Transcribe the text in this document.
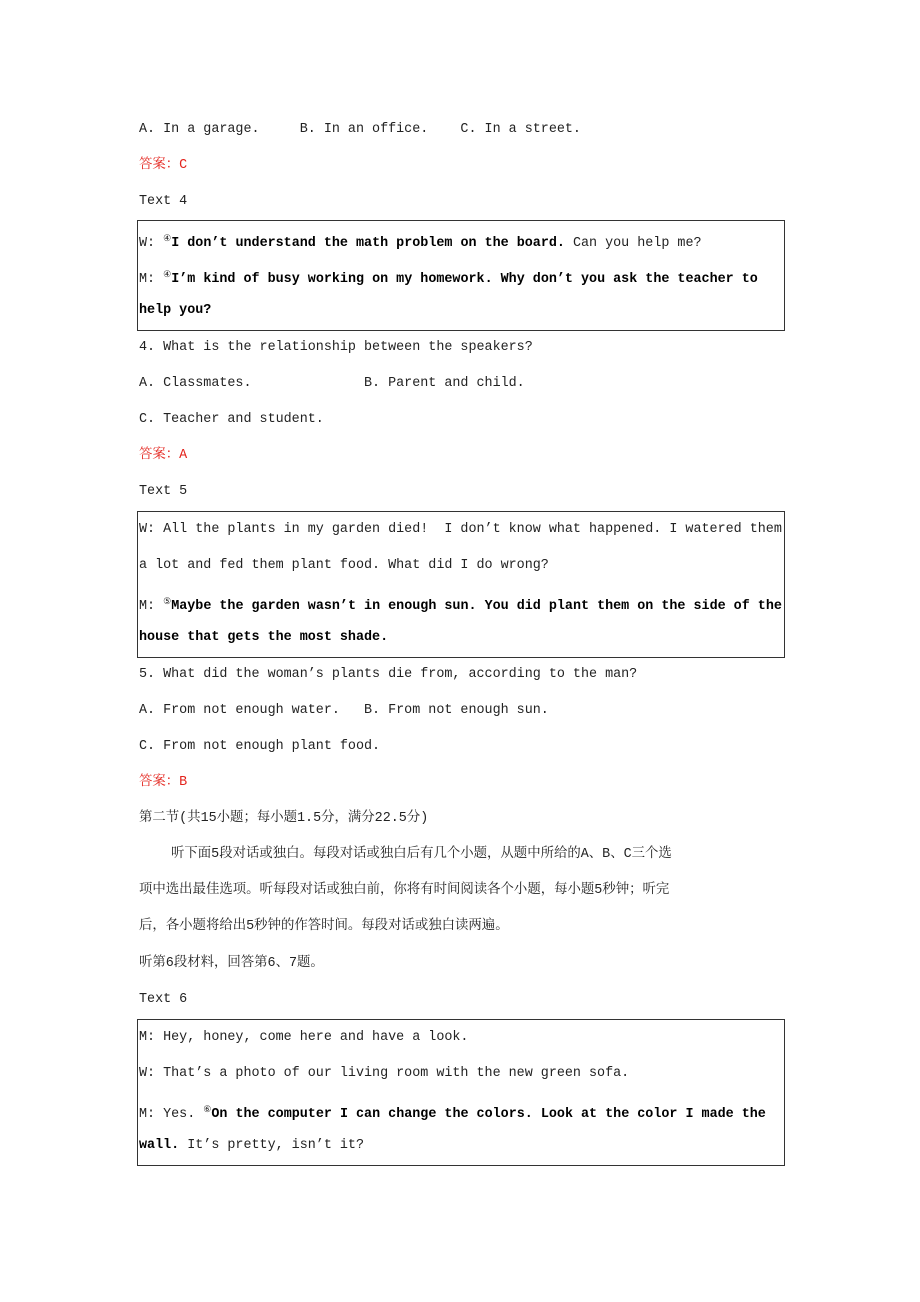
A. In a garage.     B. In an office.    C. In a street.
答案：C
Text 4
W: ④I don’t understand the math problem on the board. Can you help me?
M: ④I’m kind of busy working on my homework. Why don’t you ask the teacher to
help you?
4. What is the relationship between the speakers?
A. Classmates.              B. Parent and child.
C. Teacher and student.
答案：A
Text 5
W: All the plants in my garden died!  I don’t know what happened. I watered them
a lot and fed them plant food. What did I do wrong?
M: ⑤Maybe the garden wasn’t in enough sun. You did plant them on the side of the
house that gets the most shade.
5. What did the woman’s plants die from, according to the man?
A. From not enough water.   B. From not enough sun.
C. From not enough plant food.
答案：B
第二节(共15小题；每小题1.5分，满分22.5分)
听下面5段对话或独白。每段对话或独白后有几个小题，从题中所给的A、B、C三个选
项中选出最佳选项。听每段对话或独白前，你将有时间阅读各个小题，每小题5秒钟；听完
后，各小题将给出5秒钟的作答时间。每段对话或独白读两遍。
听第6段材料，回答第6、7题。
Text 6
M: Hey, honey, come here and have a look.
W: That’s a photo of our living room with the new green sofa.
M: Yes. ⑥On the computer I can change the colors. Look at the color I made the
wall. It’s pretty, isn’t it?
